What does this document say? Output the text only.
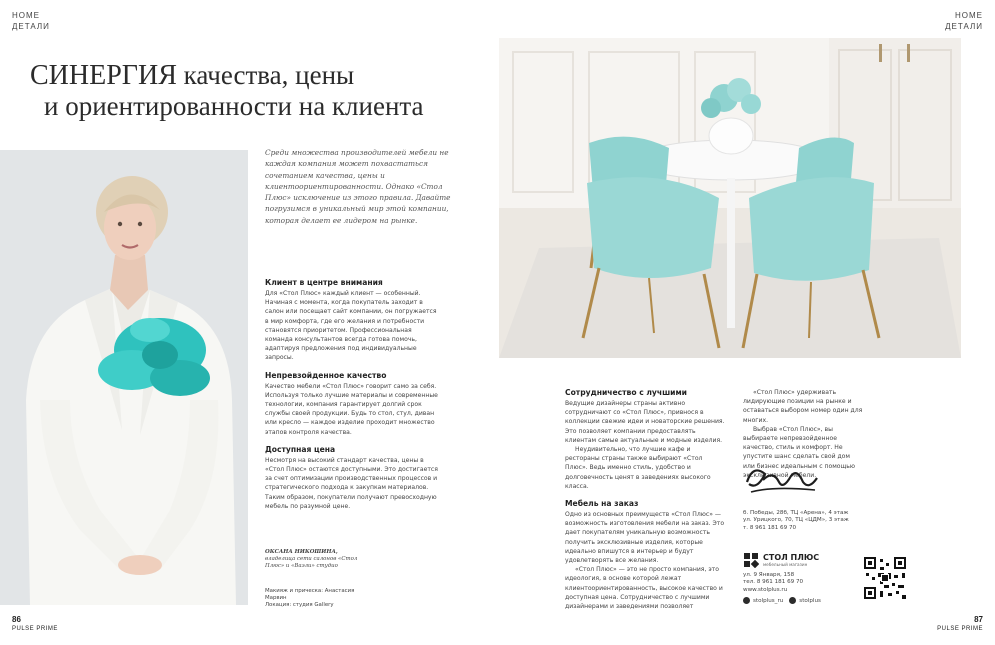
HOME
ДЕТАЛИ
СИНЕРГИЯ качества, цены
и ориентированности на клиента

Среди множества производителей мебели не каждая компания может похвастаться сочетанием качества, цены и клиентоориентированности. Однако «Стол Плюс» исключение из этого правила. Давайте погрузимся в уникальный мир этой компании, которая делает ее лидером на рынке.

Клиент в центре внимания

Для «Стол Плюс» каждый клиент — особенный. Начиная с момента, когда покупатель заходит в салон или посещает сайт компании, он погружается в мир комфорта, где его желания и потребности становятся приоритетом. Профессиональная команда консультантов всегда готова помочь, адаптируя предложения под индивидуальные запросы.

Непревзойденное качество

Качество мебели «Стол Плюс» говорит само за себя. Используя только лучшие материалы и современные технологии, компания гарантирует долгий срок службы своей продукции. Будь то стол, стул, диван или кресло — каждое изделие проходит множество этапов контроля качества.

Доступная цена

Несмотря на высокий стандарт качества, цены в «Стол Плюс» остаются доступными. Это достигается за счет оптимизации производственных процессов и стратегического подхода к закупкам материалов. Таким образом, покупатели получают превосходную мебель по разумной цене.

ОКСАНА НИКОШИНА, владелица сети салонов «Стол Плюс» и «Ваэли» студио
Макияж и прическа: Анастасия
Марвин
Локация: студия Gallery
86
PULSE PRIME
HOME
ДЕТАЛИ
Сотрудничество с лучшими

Ведущие дизайнеры страны активно сотрудничают со «Стол Плюс», привнося в коллекции свежие идеи и новаторские решения. Это позволяет компании предоставлять клиентам самые актуальные и модные изделия.

Неудивительно, что лучшие кафе и рестораны страны также выбирают «Стол Плюс». Ведь именно стиль, удобство и долговечность ценят в заведениях высокого класса.

Мебель на заказ

Одно из основных преимуществ «Стол Плюс» — возможность изготовления мебели на заказ. Это дает покупателям уникальную возможность получить эксклюзивные изделия, которые идеально впишутся в интерьер и будут удовлетворять все желания.

«Стол Плюс» — это не просто компания, это идеология, в основе которой лежат клиентоориентированность, высокое качество и доступная цена. Сотрудничество с лучшими дизайнерами и заведениями позволяет

«Стол Плюс» удерживать лидирующие позиции на рынке и оставаться выбором номер один для многих.

Выбрав «Стол Плюс», вы выбираете непревзойденное качество, стиль и комфорт. Не упустите шанс сделать свой дом или бизнес идеальным с помощью эксклюзивной мебели.

б. Победы, 28б, ТЦ «Арена», 4 этаж
ул. Урицкого, 70, ТЦ «ЦДМ», 3 этаж
т. 8 961 181 69 70
СТОЛ ПЛЮС
мебельный магазин
ул. 9 Января, 158
тел. 8 961 181 69 70
www.stolplus.ru
stolplus_ru	stolplus
87
PULSE PRIME
